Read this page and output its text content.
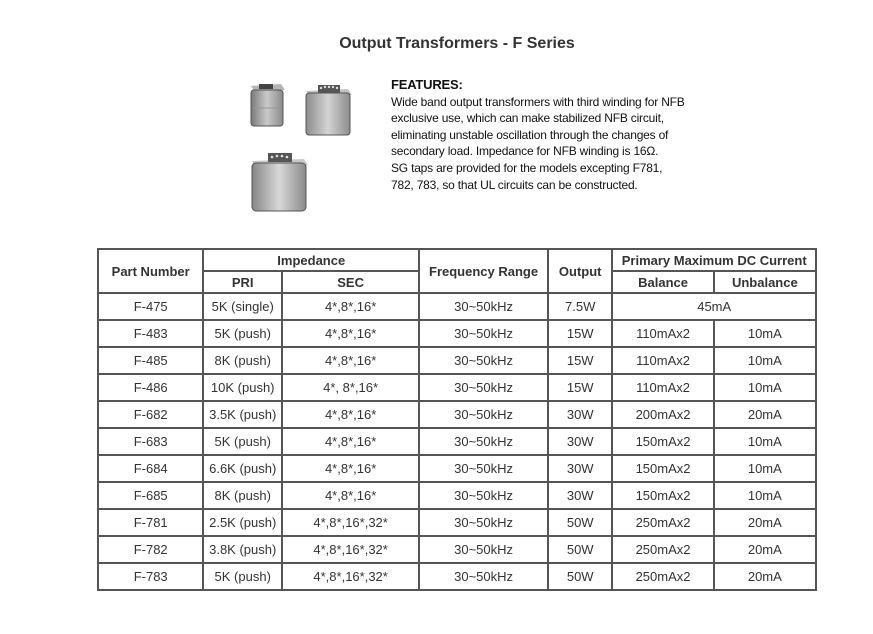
Output Transformers - F Series
FEATURES:
Wide band output transformers with third winding for NFB
exclusive use, which can make stabilized NFB circuit,
eliminating unstable oscillation through the changes of
secondary load. Impedance for NFB winding is 16Ω.
SG taps are provided for the models excepting F781,
782, 783, so that UL circuits can be constructed.
Part Number	Impedance		Frequency Range	Output	Primary Maximum DC Current	
	PRI	SEC			Balance	Unbalance
F-475	5K (single)	4*,8*,16*	30~50kHz	7.5W	45mA	
F-483	5K (push)	4*,8*,16*	30~50kHz	15W	110mAx2	10mA
F-485	8K (push)	4*,8*,16*	30~50kHz	15W	110mAx2	10mA
F-486	10K (push)	4*, 8*,16*	30~50kHz	15W	110mAx2	10mA
F-682	3.5K (push)	4*,8*,16*	30~50kHz	30W	200mAx2	20mA
F-683	5K (push)	4*,8*,16*	30~50kHz	30W	150mAx2	10mA
F-684	6.6K (push)	4*,8*,16*	30~50kHz	30W	150mAx2	10mA
F-685	8K (push)	4*,8*,16*	30~50kHz	30W	150mAx2	10mA
F-781	2.5K (push)	4*,8*,16*,32*	30~50kHz	50W	250mAx2	20mA
F-782	3.8K (push)	4*,8*,16*,32*	30~50kHz	50W	250mAx2	20mA
F-783	5K (push)	4*,8*,16*,32*	30~50kHz	50W	250mAx2	20mA
